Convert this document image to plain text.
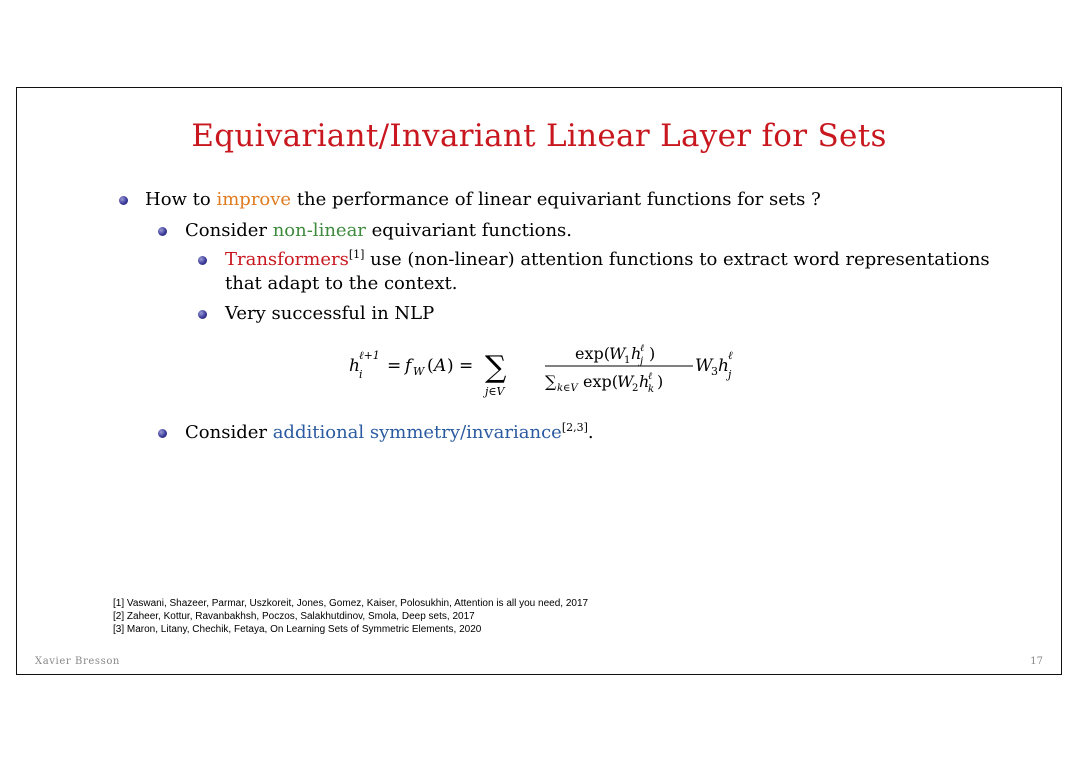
Equivariant/Invariant Linear Layer for Sets
How to improve the performance of linear equivariant functions for sets ?
Consider non-linear equivariant functions.
Transformers[1] use (non-linear) attention functions to extract word representations
that adapt to the context.
Very successful in NLP
h i
ℓ+1
= f W ( A ) = ∑
j∈V
exp( W
1 h
j
ℓ )
∑ k∈V exp( W
2 h
k
ℓ )
W
3 h j
ℓ
Consider additional symmetry/invariance[2,3].
[1] Vaswani, Shazeer, Parmar, Uszkoreit, Jones, Gomez, Kaiser, Polosukhin, Attention is all you need, 2017
[2] Zaheer, Kottur, Ravanbakhsh, Poczos, Salakhutdinov, Smola, Deep sets, 2017
[3] Maron, Litany, Chechik, Fetaya, On Learning Sets of Symmetric Elements, 2020
Xavier Bresson	17
